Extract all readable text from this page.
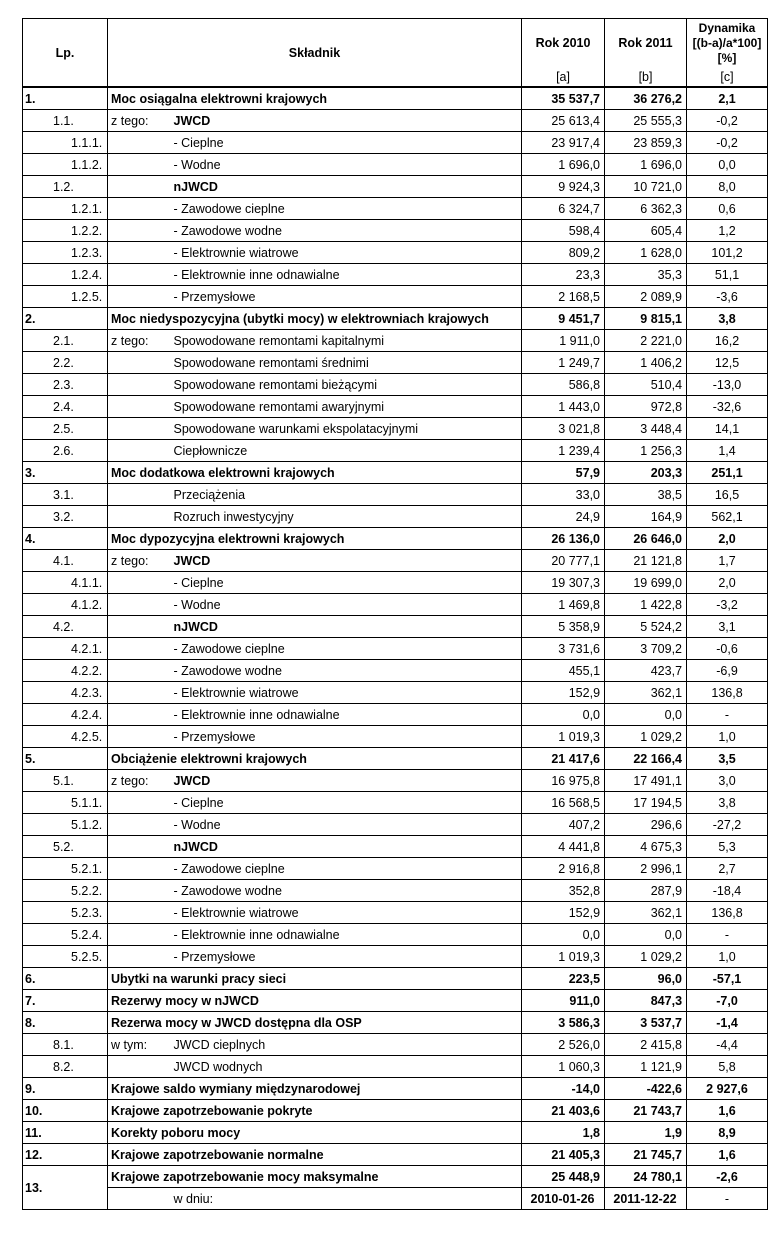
Lp.	Składnik		Rok 2010	Rok 2011	Dynamika
[(b-a)/a*100]
[%]

			[a]	[b]	[c]
1.	Moc osiągalna elektrowni krajowych		35 537,7	36 276,2	2,1
1.1.	z tego:	JWCD	25 613,4	25 555,3	-0,2
1.1.1.		- Cieplne	23 917,4	23 859,3	-0,2
1.1.2.		- Wodne	1 696,0	1 696,0	0,0
1.2.		nJWCD	9 924,3	10 721,0	8,0
1.2.1.		- Zawodowe cieplne	6 324,7	6 362,3	0,6
1.2.2.		- Zawodowe wodne	598,4	605,4	1,2
1.2.3.		- Elektrownie wiatrowe	809,2	1 628,0	101,2
1.2.4.		- Elektrownie inne odnawialne	23,3	35,3	51,1
1.2.5.		- Przemysłowe	2 168,5	2 089,9	-3,6
2.	Moc niedyspozycyjna (ubytki mocy) w elektrowniach krajowych		9 451,7	9 815,1	3,8
2.1.	z tego:	Spowodowane remontami kapitalnymi	1 911,0	2 221,0	16,2
2.2.		Spowodowane remontami średnimi	1 249,7	1 406,2	12,5
2.3.		Spowodowane remontami bieżącymi	586,8	510,4	-13,0
2.4.		Spowodowane remontami awaryjnymi	1 443,0	972,8	-32,6
2.5.		Spowodowane warunkami ekspolatacyjnymi	3 021,8	3 448,4	14,1
2.6.		Ciepłownicze	1 239,4	1 256,3	1,4
3.	Moc dodatkowa elektrowni krajowych		57,9	203,3	251,1
3.1.		Przeciążenia	33,0	38,5	16,5
3.2.		Rozruch inwestycyjny	24,9	164,9	562,1
4.	Moc dypozycyjna elektrowni krajowych		26 136,0	26 646,0	2,0
4.1.	z tego:	JWCD	20 777,1	21 121,8	1,7
4.1.1.		- Cieplne	19 307,3	19 699,0	2,0
4.1.2.		- Wodne	1 469,8	1 422,8	-3,2
4.2.		nJWCD	5 358,9	5 524,2	3,1
4.2.1.		- Zawodowe cieplne	3 731,6	3 709,2	-0,6
4.2.2.		- Zawodowe wodne	455,1	423,7	-6,9
4.2.3.		- Elektrownie wiatrowe	152,9	362,1	136,8
4.2.4.		- Elektrownie inne odnawialne	0,0	0,0	-
4.2.5.		- Przemysłowe	1 019,3	1 029,2	1,0
5.	Obciążenie elektrowni krajowych		21 417,6	22 166,4	3,5
5.1.	z tego:	JWCD	16 975,8	17 491,1	3,0
5.1.1.		- Cieplne	16 568,5	17 194,5	3,8
5.1.2.		- Wodne	407,2	296,6	-27,2
5.2.		nJWCD	4 441,8	4 675,3	5,3
5.2.1.		- Zawodowe cieplne	2 916,8	2 996,1	2,7
5.2.2.		- Zawodowe wodne	352,8	287,9	-18,4
5.2.3.		- Elektrownie wiatrowe	152,9	362,1	136,8
5.2.4.		- Elektrownie inne odnawialne	0,0	0,0	-
5.2.5.		- Przemysłowe	1 019,3	1 029,2	1,0
6.	Ubytki na warunki pracy sieci		223,5	96,0	-57,1
7.	Rezerwy mocy w nJWCD		911,0	847,3	-7,0
8.	Rezerwa mocy w JWCD dostępna dla OSP		3 586,3	3 537,7	-1,4
8.1.	w tym:	JWCD cieplnych	2 526,0	2 415,8	-4,4
8.2.		JWCD wodnych	1 060,3	1 121,9	5,8
9.	Krajowe saldo wymiany międzynarodowej		-14,0	-422,6	2 927,6
10.	Krajowe zapotrzebowanie pokryte		21 403,6	21 743,7	1,6
11.	Korekty poboru mocy		1,8	1,9	8,9
12.	Krajowe zapotrzebowanie normalne		21 405,3	21 745,7	1,6
13.	Krajowe zapotrzebowanie mocy maksymalne		25 448,9	24 780,1	-2,6
		w dniu:	2010-01-26	2011-12-22	-
